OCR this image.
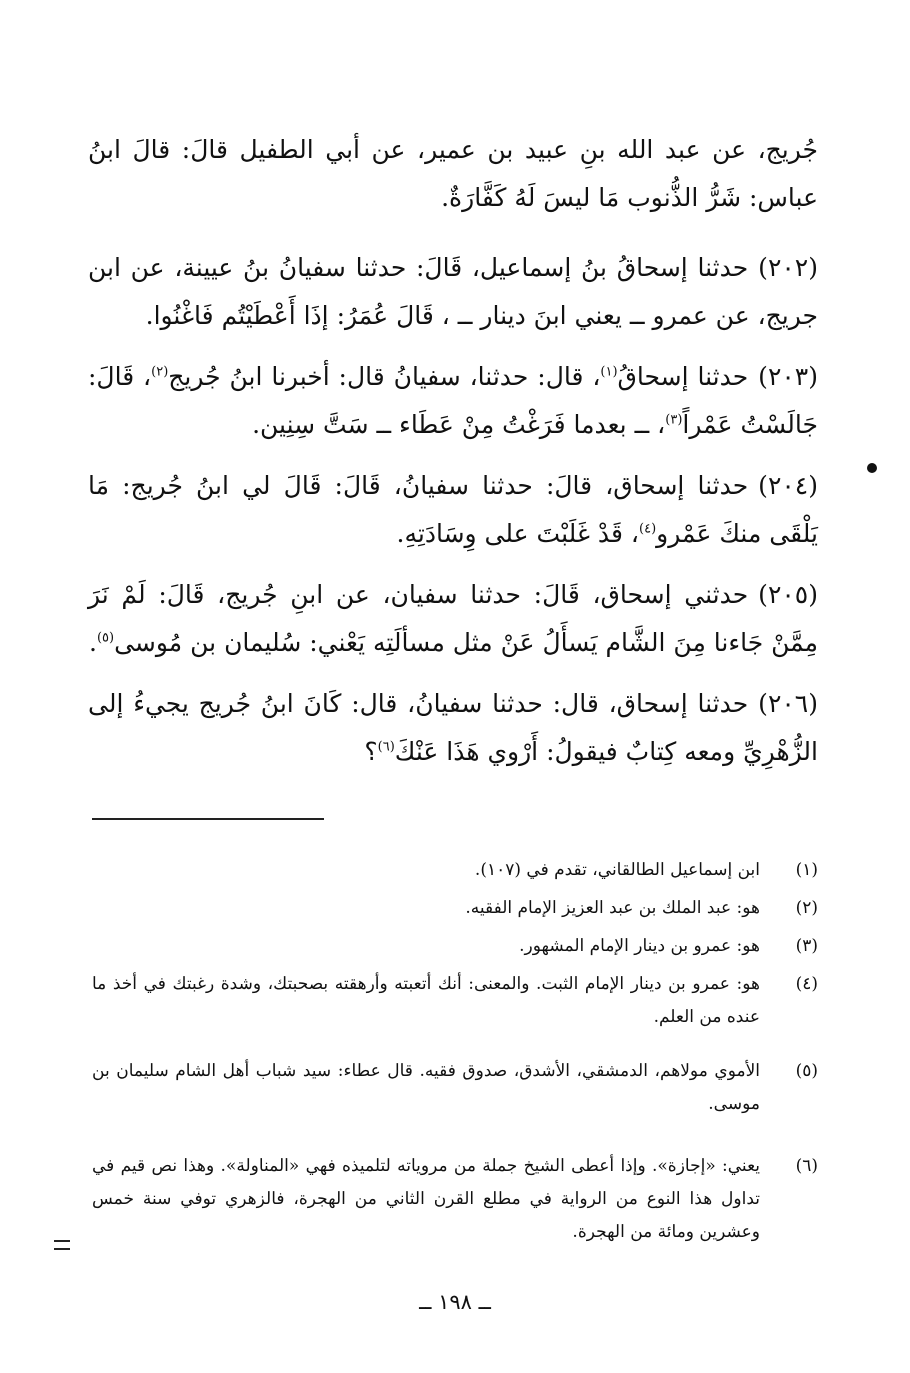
جُريج، عن عبد الله بنِ عبيد بن عمير، عن أبي الطفيل قالَ: قالَ ابنُ عباس: شَرُّ الذُّنوب مَا ليسَ لَهُ كَفَّارَةٌ.
(٢٠٢)حدثنا إسحاقُ بنُ إسماعيل، قَالَ: حدثنا سفيانُ بنُ عيينة، عن ابن جريج، عن عمرو ــ يعني ابنَ دينار ــ ، قَالَ عُمَرُ: إذَا أَعْطَيْتُم فَاغْنُوا.
(٢٠٣)حدثنا إسحاقُ$^{(١)}$، قال: حدثنا، سفيانُ قال: أخبرنا ابنُ جُريج$^{(٢)}$، قَالَ: جَالَسْتُ عَمْراً$^{(٣)}$، ــ بعدما فَرَغْتُ مِنْ عَطَاء ــ سَتَّ سِنِين.
(٢٠٤)حدثنا إسحاق، قالَ: حدثنا سفيانُ، قَالَ: قَالَ لي ابنُ جُريج: مَا يَلْقَى منكَ عَمْرو$^{(٤)}$، قَدْ غَلَبْتَ على وِسَادَتِهِ.
(٢٠٥)حدثني إسحاق، قَالَ: حدثنا سفيان، عن ابنِ جُريج، قَالَ: لَمْ نَرَ مِمَّنْ جَاءنا مِنَ الشَّام يَسأَلُ عَنْ مثل مسألَتِه يَعْني: سُليمان بن مُوسى$^{(٥)}$.
(٢٠٦)حدثنا إسحاق، قال: حدثنا سفيانُ، قال: كَانَ ابنُ جُريج يجيءُ إلى الزُّهْرِيِّ ومعه كِتابٌ فيقولُ: أَرْوي هَذَا عَنْكَ$^{(٦)}$؟
(١)
ابن إسماعيل الطالقاني، تقدم في (١٠٧).
(٢)
هو: عبد الملك بن عبد العزيز الإمام الفقيه.
(٣)
هو: عمرو بن دينار الإمام المشهور.
(٤)
هو: عمرو بن دينار الإمام الثبت. والمعنى: أنك أتعبته وأرهقته بصحبتك، وشدة رغبتك في أخذ ما عنده من العلم.
(٥)
الأموي مولاهم، الدمشقي، الأشدق، صدوق فقيه. قال عطاء: سيد شباب أهل الشام سليمان بن موسى.
(٦)
يعني: «إجازة». وإذا أعطى الشيخ جملة من مروياته لتلميذه فهي «المناولة». وهذا نص قيم في تداول هذا النوع من الرواية في مطلع القرن الثاني من الهجرة، فالزهري توفي سنة خمس وعشرين ومائة من الهجرة.
ــ ١٩٨ ــ
